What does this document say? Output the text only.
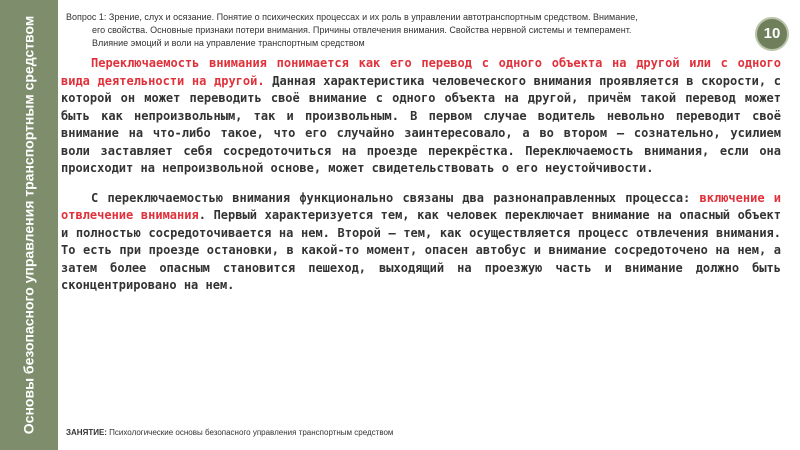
Основы безопасного управления транспортным средством	Вопрос 1: Зрение, слух и осязание. Понятие о психических процессах и их роль в управлении автотранспортным средством. Внимание,
его свойства. Основные признаки потери внимания. Причины отвлечения внимания. Свойства нервной системы и темперамент.
Влияние эмоций и воли на управление транспортным средством
10

Переключаемость внимания понимается как его перевод с одного объекта на другой или с одного вида деятельности на другой. Данная характеристика человеческого внимания проявляется в скорости, с которой он может переводить своё внимание с одного объекта на другой, причём такой перевод может быть как непроизвольным, так и произвольным. В первом случае водитель невольно переводит своё внимание на что-либо такое, что его случайно заинтересовало, а во втором – сознательно, усилием воли заставляет себя сосредоточиться на проезде перекрёстка. Переключаемость внимания, если она происходит на непроизвольной основе, может свидетельствовать о его неустойчивости.

С переключаемостью внимания функционально связаны два разнонаправленных процесса: включение и отвлечение внимания. Первый характеризуется тем, как человек переключает внимание на опасный объект и полностью сосредоточивается на нем. Второй – тем, как осуществляется процесс отвлечения внимания. То есть при проезде остановки, в какой-то момент, опасен автобус и внимание сосредоточено на нем, а затем более опасным становится пешеход, выходящий на проезжую часть и внимание должно быть сконцентрировано на нем.

ЗАНЯТИЕ: Психологические основы безопасного управления транспортным средством
